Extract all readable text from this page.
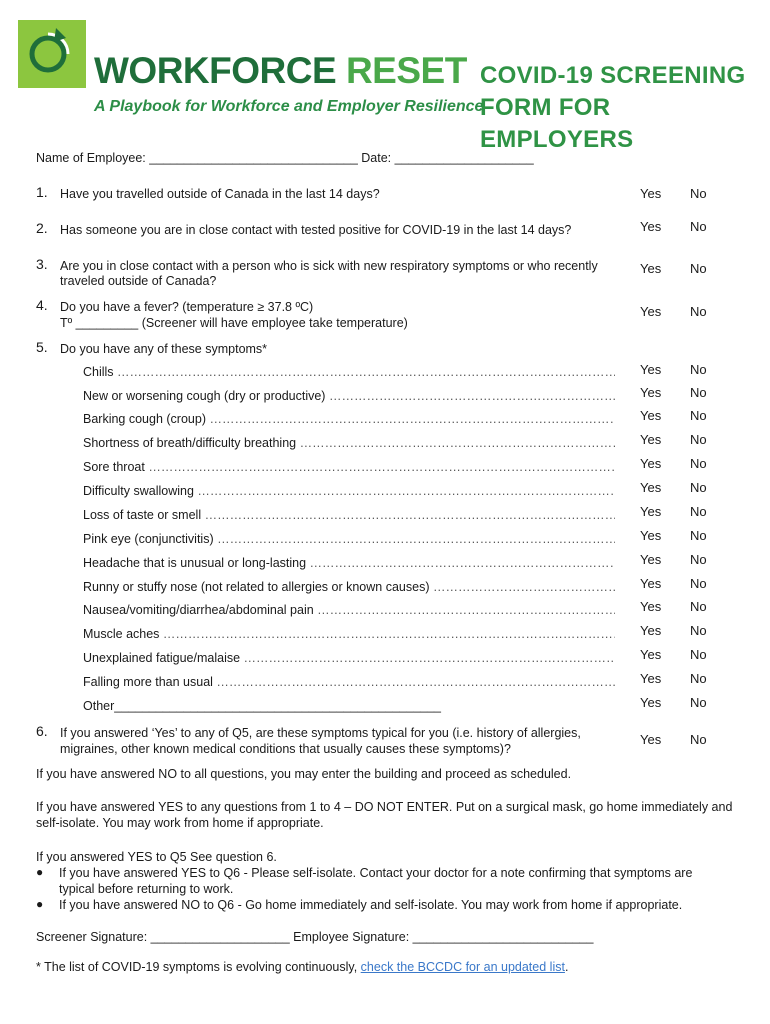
WORKFORCE RESET
A Playbook for Workforce and Employer Resilience
COVID-19 SCREENING
FORM FOR EMPLOYERS
Name of Employee: ______________________________ Date: ____________________
1. Have you travelled outside of Canada in the last 14 days?	Yes No
2. Has someone you are in close contact with tested positive for COVID-19 in the last 14 days?	Yes No
3. Are you in close contact with a person who is sick with new respiratory symptoms or who recently
traveled outside of Canada?
Yes No
4. Do you have a fever? (temperature ≥ 37.8 ºC)
Tº _________ (Screener will have employee take temperature)
Yes No
5. Do you have any of these symptoms*
Chills ………………………………………………………………………………………………………………………………………	Yes No
New or worsening cough (dry or productive) ………………………………………………………………………………………………………………………………………	Yes No
Barking cough (croup) ………………………………………………………………………………………………………………………………………	Yes No
Shortness of breath/difficulty breathing ………………………………………………………………………………………………………………………………………	Yes No
Sore throat ………………………………………………………………………………………………………………………………………	Yes No
Difficulty swallowing ………………………………………………………………………………………………………………………………………	Yes No
Loss of taste or smell ………………………………………………………………………………………………………………………………………	Yes No
Pink eye (conjunctivitis) ………………………………………………………………………………………………………………………………………	Yes No
Headache that is unusual or long-lasting ………………………………………………………………………………………………………………………………………	Yes No
Runny or stuffy nose (not related to allergies or known causes) ………………………………………………………………………………………………………………………………………	Yes No
Nausea/vomiting/diarrhea/abdominal pain ………………………………………………………………………………………………………………………………………	Yes No
Muscle aches ………………………………………………………………………………………………………………………………………	Yes No
Unexplained fatigue/malaise ………………………………………………………………………………………………………………………………………	Yes No
Falling more than usual ………………………………………………………………………………………………………………………………………	Yes No
Other_______________________________________________	Yes No
6. If you answered ‘Yes’ to any of Q5, are these symptoms typical for you (i.e. history of allergies,
migraines, other known medical conditions that usually causes these symptoms)?
Yes No
If you have answered NO to all questions, you may enter the building and proceed as scheduled.
If you have answered YES to any questions from 1 to 4 – DO NOT ENTER. Put on a surgical mask, go home immediately and
self-isolate. You may work from home if appropriate.
If you answered YES to Q5 See question 6.
● If you have answered YES to Q6 - Please self-isolate. Contact your doctor for a note confirming that symptoms are
typical before returning to work.
● If you have answered NO to Q6 - Go home immediately and self-isolate. You may work from home if appropriate.
Screener Signature: ____________________ Employee Signature: __________________________
* The list of COVID-19 symptoms is evolving continuously, check the BCCDC for an updated list.
